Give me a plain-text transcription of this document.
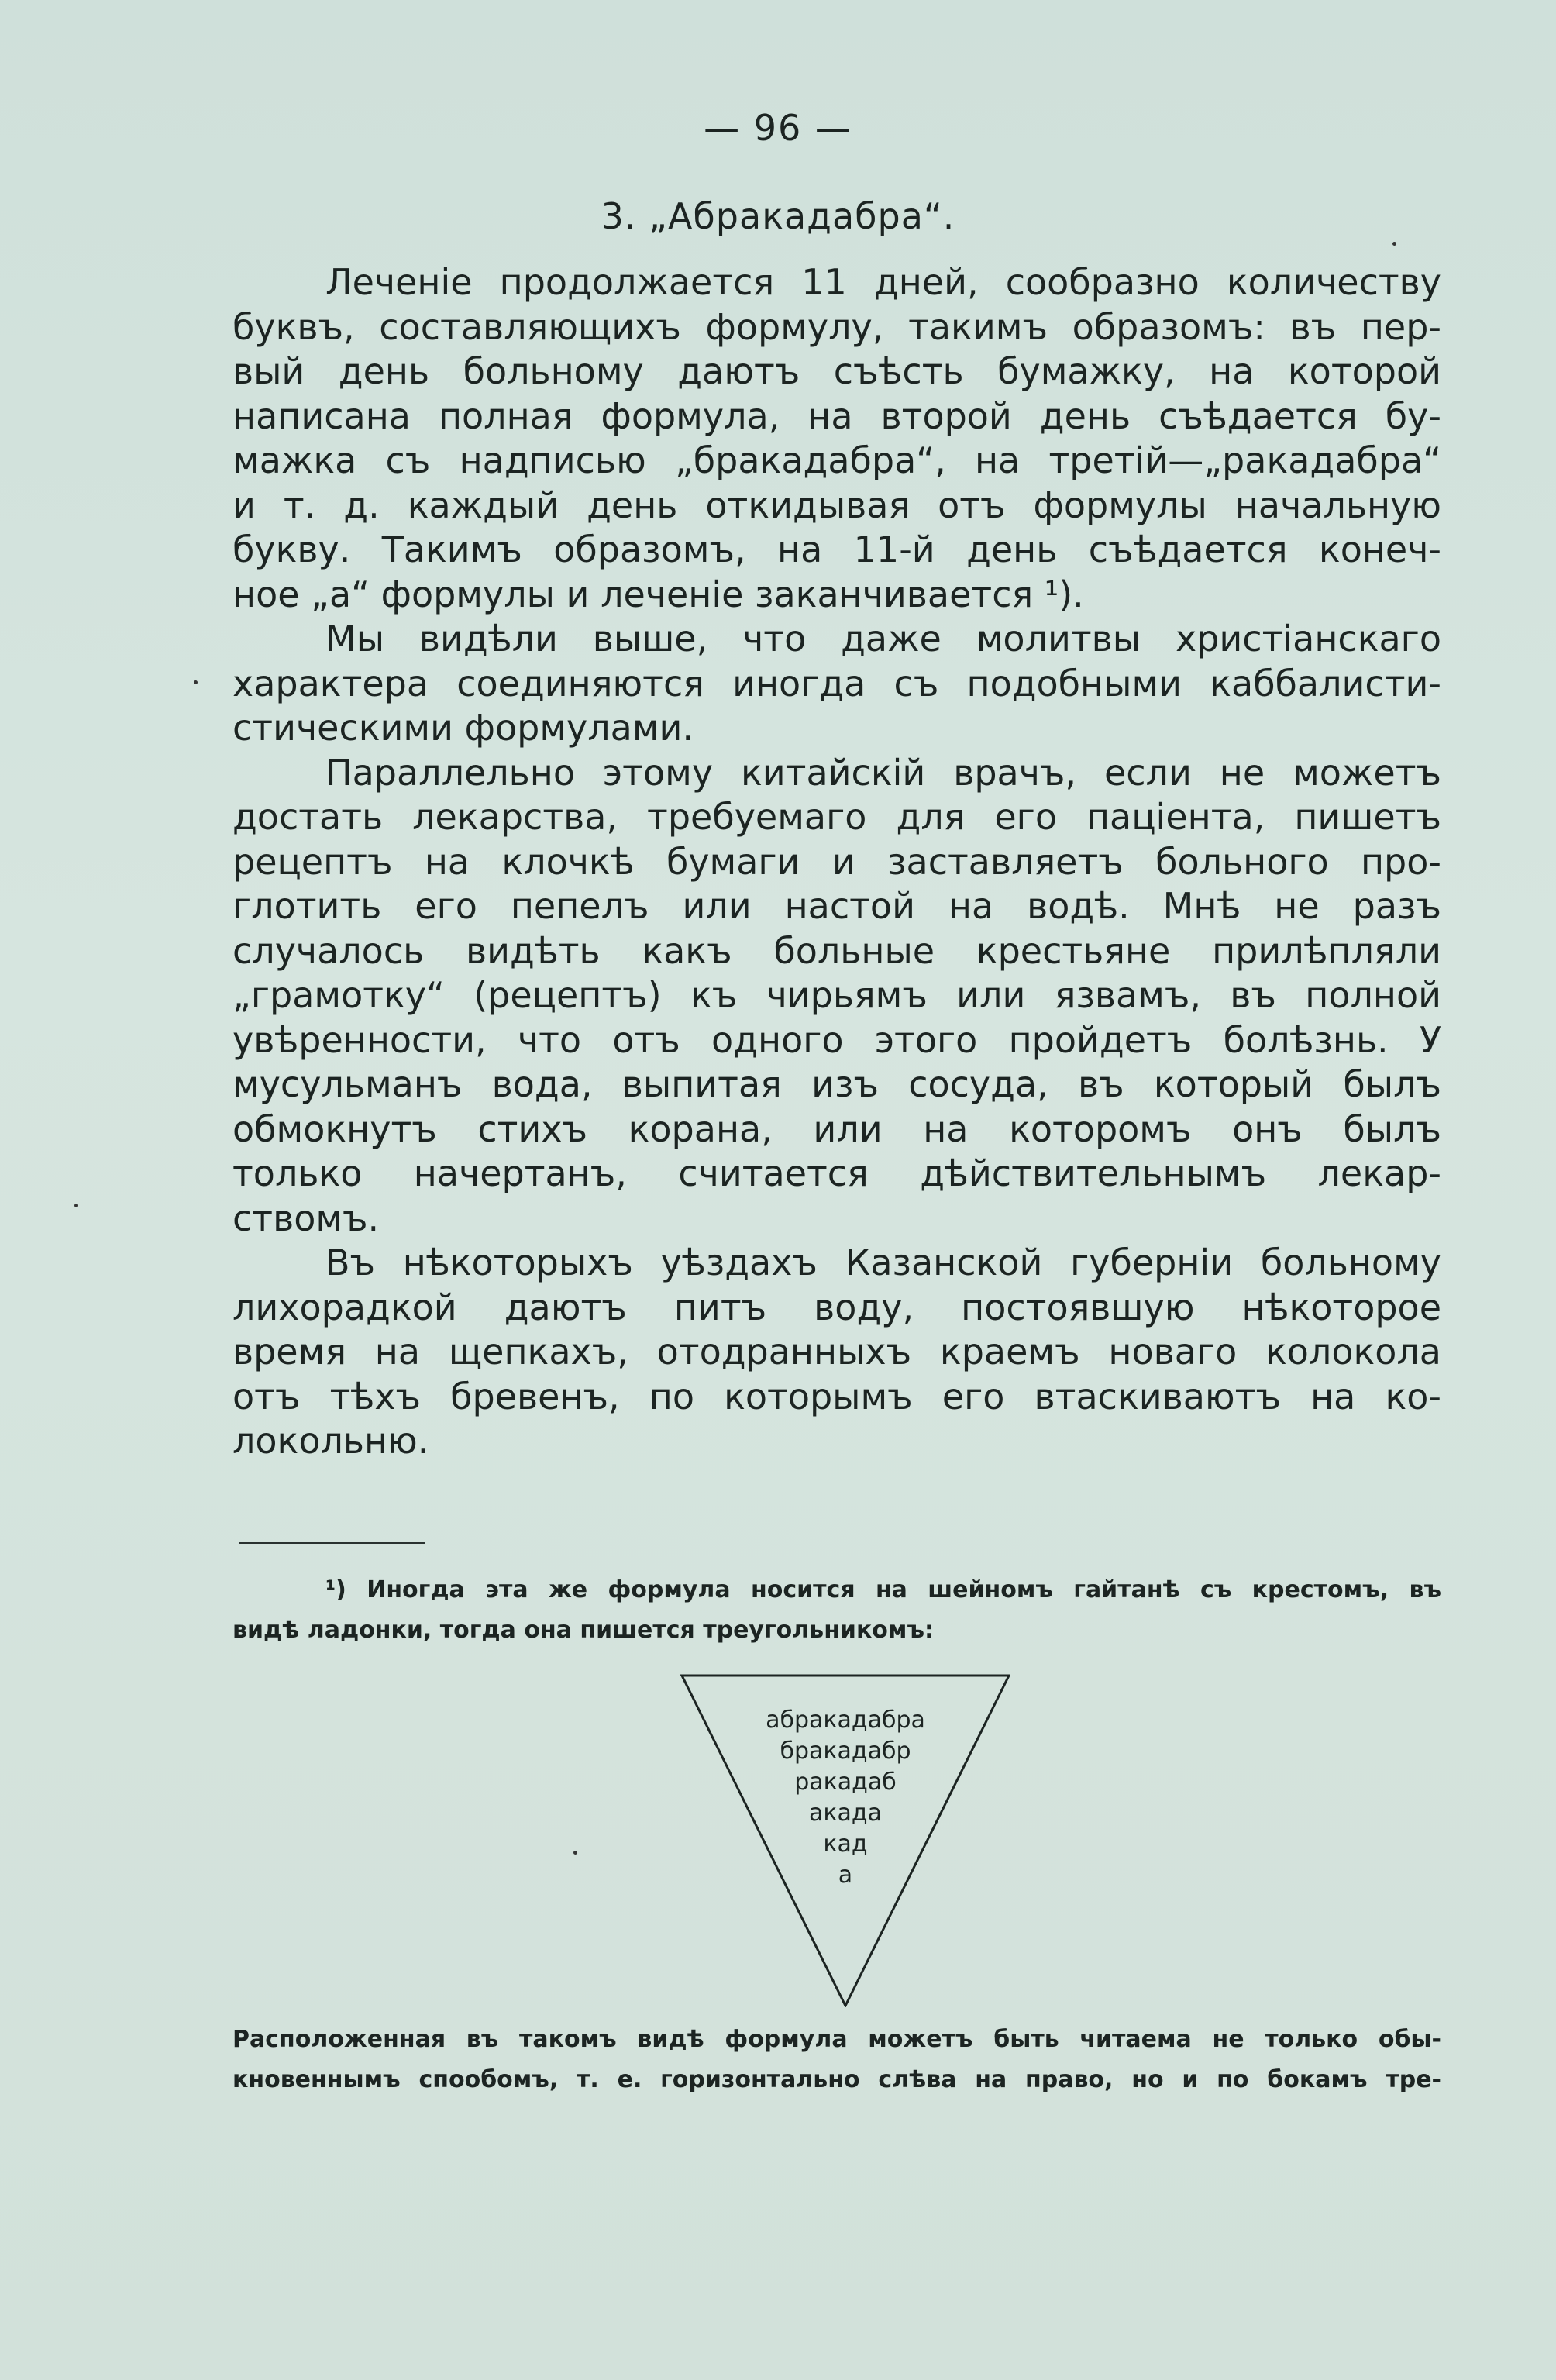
— 96 —
3. „Абракадабра“.

Леченіе продолжается 11 дней, сообразно количеству
буквъ, составляющихъ формулу, такимъ образомъ: въ пер-
вый день больному даютъ съѣсть бумажку, на которой
написана полная формула, на второй день съѣдается бу-
мажка съ надписью „бракадабра“, на третій—„ракадабра“
и т. д. каждый день откидывая отъ формулы начальную
букву. Такимъ образомъ, на 11-й день съѣдается конеч-
ное „а“ формулы и леченіе заканчивается ¹).

Мы видѣли выше, что даже молитвы христіанскаго
характера соединяются иногда съ подобными каббалисти-
стическими формулами.

Параллельно этому китайскій врачъ, если не можетъ
достать лекарства, требуемаго для его паціента, пишетъ
рецептъ на клочкѣ бумаги и заставляетъ больного про-
глотить его пепелъ или настой на водѣ. Мнѣ не разъ
случалось видѣть какъ больные крестьяне прилѣпляли
„грамотку“ (рецептъ) къ чирьямъ или язвамъ, въ полной
увѣренности, что отъ одного этого пройдетъ болѣзнь. У
мусульманъ вода, выпитая изъ сосуда, въ который былъ
обмокнутъ стихъ корана, или на которомъ онъ былъ
только начертанъ, считается дѣйствительнымъ лекар-
ствомъ.

Въ нѣкоторыхъ уѣздахъ Казанской губерніи больному
лихорадкой даютъ питъ воду, постоявшую нѣкоторое
время на щепкахъ, отодранныхъ краемъ новаго колокола
отъ тѣхъ бревенъ, по которымъ его втаскиваютъ на ко-
локольню.

¹) Иногда эта же формула носится на шейномъ гайтанѣ съ крестомъ, въ
видѣ ладонки, тогда она пишется треугольникомъ:
абракадабра
бракадабр
ракадаб
акада
кад
а
Расположенная въ такомъ видѣ формула можетъ быть читаема не только обы-
кновеннымъ спообомъ, т. е. горизонтально слѣва на право, но и по бокамъ тре-
